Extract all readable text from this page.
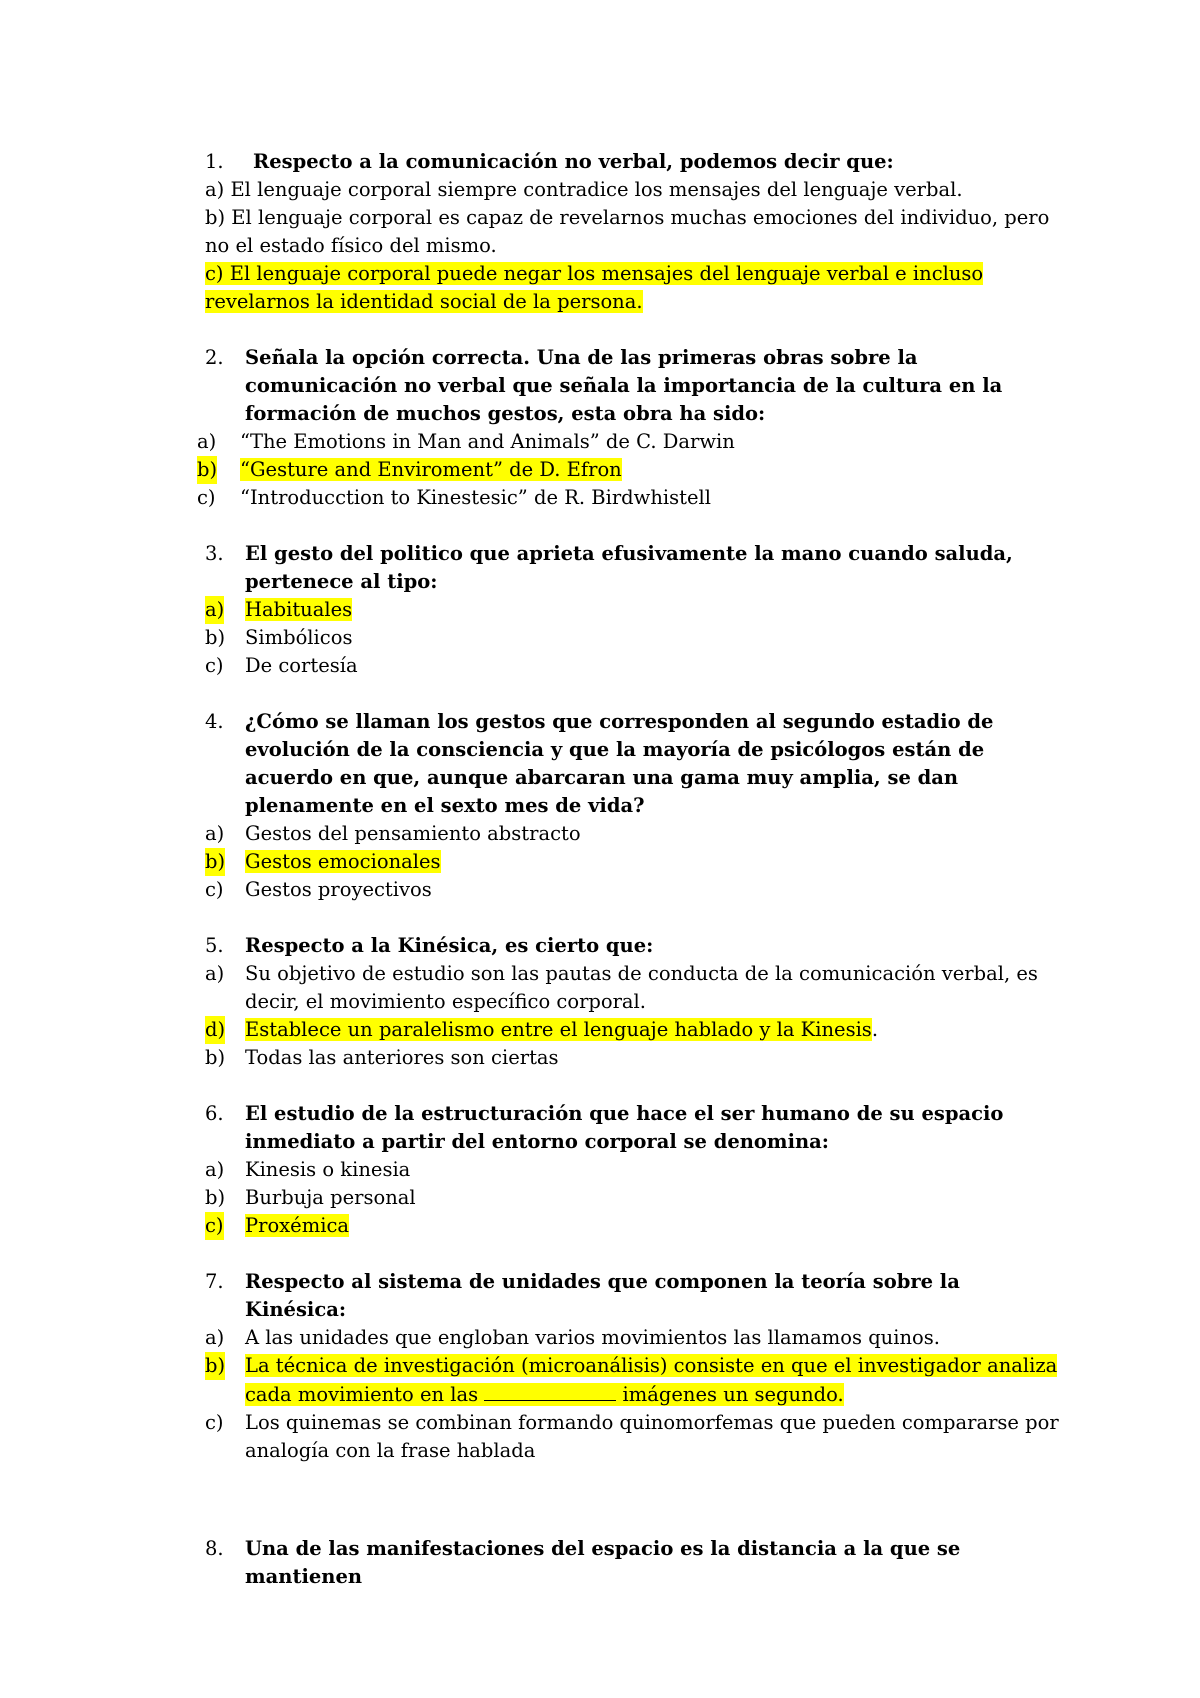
1. Respecto a la comunicación no verbal, podemos decir que:
a) El lenguaje corporal siempre contradice los mensajes del lenguaje verbal.
b) El lenguaje corporal es capaz de revelarnos muchas emociones del individuo, pero no el estado físico del mismo.
c) El lenguaje corporal puede negar los mensajes del lenguaje verbal e incluso revelarnos la identidad social de la persona.
2. Señala la opción correcta. Una de las primeras obras sobre la comunicación no verbal que señala la importancia de la cultura en la formación de muchos gestos, esta obra ha sido:
a) “The Emotions in Man and Animals” de C. Darwin
b) “Gesture and Enviroment” de D. Efron
c) “Introducction to Kinestesic” de R. Birdwhistell
3. El gesto del politico que aprieta efusivamente la mano cuando saluda, pertenece al tipo:
a) Habituales
b) Simbólicos
c) De cortesía
4. ¿Cómo se llaman los gestos que corresponden al segundo estadio de evolución de la consciencia y que la mayoría de psicólogos están de acuerdo en que, aunque abarcaran una gama muy amplia, se dan plenamente en el sexto mes de vida?
a) Gestos del pensamiento abstracto
b) Gestos emocionales
c) Gestos proyectivos
5. Respecto a la Kinésica, es cierto que:
a) Su objetivo de estudio son las pautas de conducta de la comunicación verbal, es decir, el movimiento específico corporal.
d) Establece un paralelismo entre el lenguaje hablado y la Kinesis.
b) Todas las anteriores son ciertas
6. El estudio de la estructuración que hace el ser humano de su espacio inmediato a partir del entorno corporal se denomina:
a) Kinesis o kinesia
b) Burbuja personal
c) Proxémica
7. Respecto al sistema de unidades que componen la teoría sobre la Kinésica:
a) A las unidades que engloban varios movimientos las llamamos quinos.
b) La técnica de investigación (microanálisis) consiste en que el investigador analiza cada movimiento en las	imágenes un segundo.
c) Los quinemas se combinan formando quinomorfemas que pueden compararse por analogía con la frase hablada
8. Una de las manifestaciones del espacio es la distancia a la que se mantienen
